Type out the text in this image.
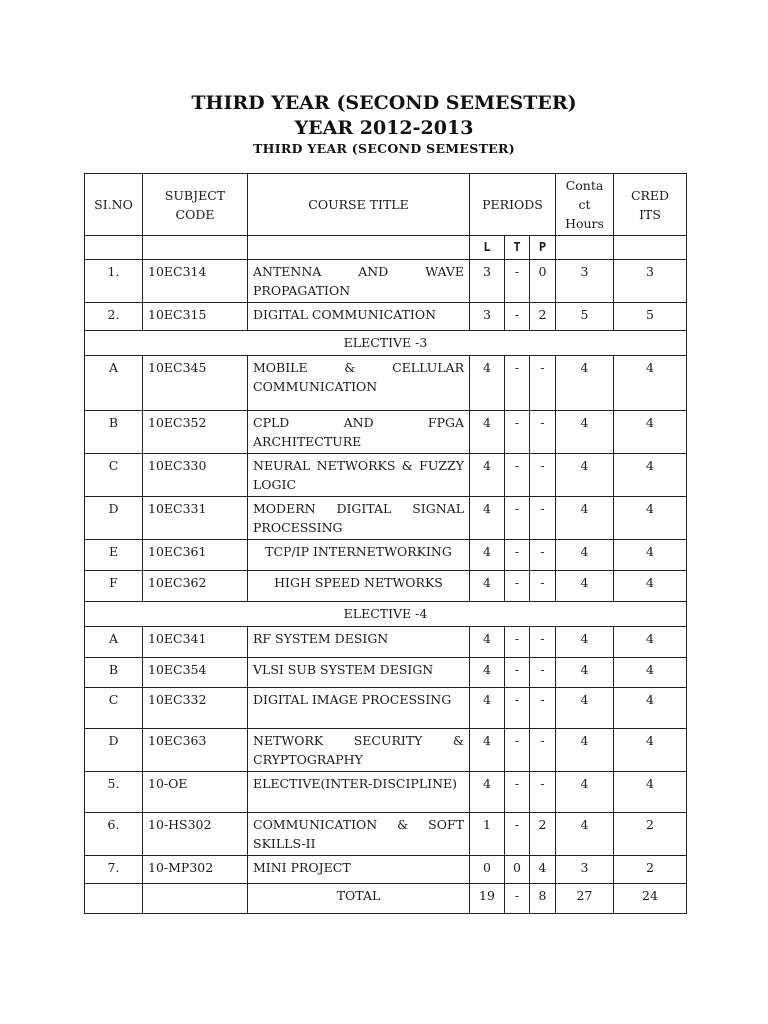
THIRD YEAR (SECOND SEMESTER)
YEAR 2012-2013
THIRD YEAR (SECOND SEMESTER)
SI.NO	SUBJECT CODE	COURSE TITLE	PERIODS			Conta ct Hours	CRED ITS
			L	T	P		
1.	10EC314	ANTENNA AND WAVE PROPAGATION	3	-	0	3	3
2.	10EC315	DIGITAL COMMUNICATION	3	-	2	5	5
ELECTIVE -3							
A	10EC345	MOBILE & CELLULAR COMMUNICATION	4	-	-	4	4
B	10EC352	CPLD AND FPGA ARCHITECTURE	4	-	-	4	4
C	10EC330	NEURAL NETWORKS & FUZZY LOGIC	4	-	-	4	4
D	10EC331	MODERN DIGITAL SIGNAL PROCESSING	4	-	-	4	4
E	10EC361	TCP/IP INTERNETWORKING	4	-	-	4	4
F	10EC362	HIGH SPEED NETWORKS	4	-	-	4	4
ELECTIVE -4							
A	10EC341	RF SYSTEM DESIGN	4	-	-	4	4
B	10EC354	VLSI SUB SYSTEM DESIGN	4	-	-	4	4
C	10EC332	DIGITAL IMAGE PROCESSING	4	-	-	4	4
D	10EC363	NETWORK SECURITY & CRYPTOGRAPHY	4	-	-	4	4
5.	10-OE	ELECTIVE(INTER-DISCIPLINE)	4	-	-	4	4
6.	10-HS302	COMMUNICATION & SOFT SKILLS-II	1	-	2	4	2
7.	10-MP302	MINI PROJECT	0	0	4	3	2
		TOTAL	19	-	8	27	24
